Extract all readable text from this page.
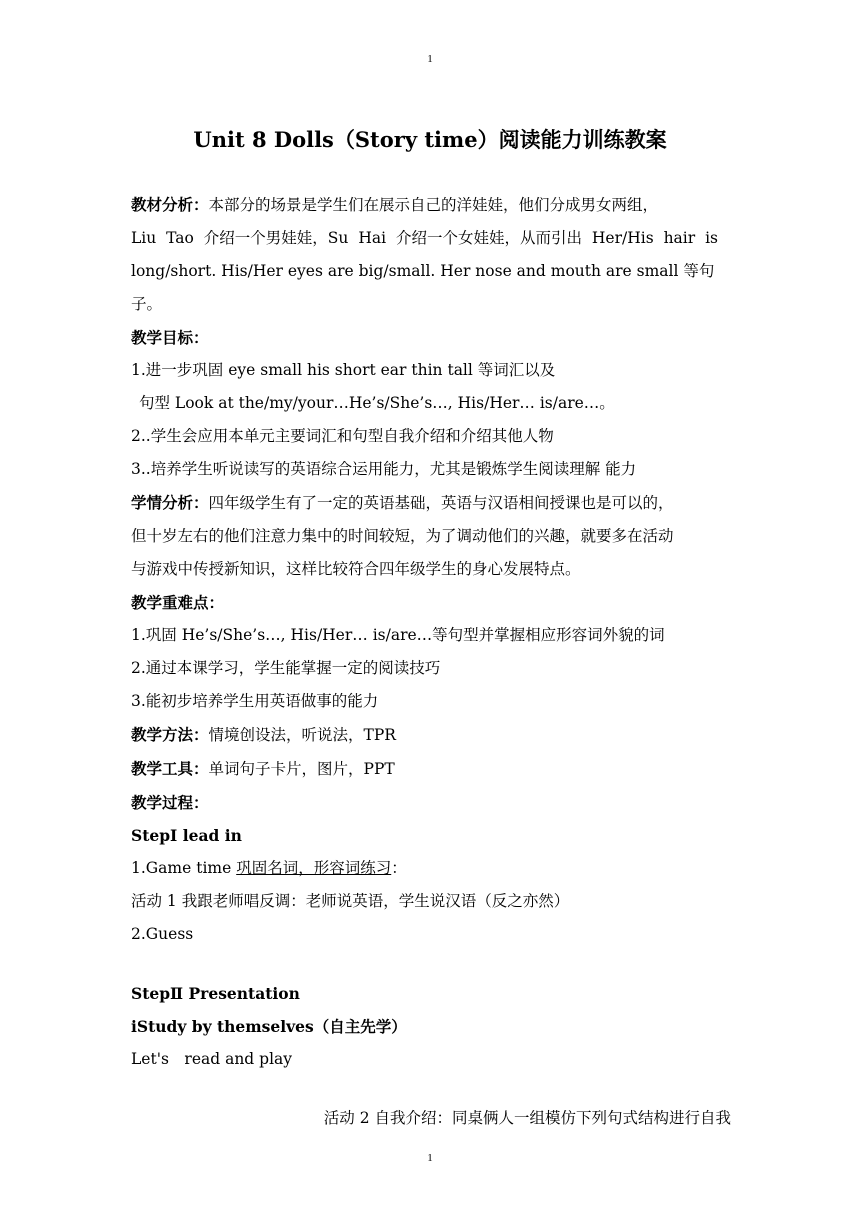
1
Unit 8 Dolls（Story time）阅读能力训练教案

教材分析：本部分的场景是学生们在展示自己的洋娃娃，他们分成男女两组，

Liu Tao 介绍一个男娃娃，Su Hai 介绍一个女娃娃，从而引出 Her/His hair is

long/short. His/Her eyes are big/small. Her nose and mouth are small 等句子。

教学目标：

1.进一步巩固 eye small his short ear thin tall 等词汇以及

句型 Look at the/my/your…He’s/She’s…, His/Her… is/are…。

2..学生会应用本单元主要词汇和句型自我介绍和介绍其他人物

3..培养学生听说读写的英语综合运用能力，尤其是锻炼学生阅读理解 能力

学情分析：四年级学生有了一定的英语基础，英语与汉语相间授课也是可以的，

但十岁左右的他们注意力集中的时间较短，为了调动他们的兴趣，就要多在活动

与游戏中传授新知识，这样比较符合四年级学生的身心发展特点。

教学重难点：

1.巩固 He’s/She’s…, His/Her… is/are…等句型并掌握相应形容词外貌的词

2.通过本课学习，学生能掌握一定的阅读技巧

3.能初步培养学生用英语做事的能力

教学方法：情境创设法，听说法，TPR

教学工具：单词句子卡片，图片，PPT

教学过程：

StepⅠ lead in

1.Game time 巩固名词，形容词练习：

活动 1 我跟老师唱反调：老师说英语，学生说汉语（反之亦然）

2.Guess

StepⅡ Presentation

ⅰStudy by themselves（自主先学）

Let's　read and play

活动 2 自我介绍：同桌俩人一组模仿下列句式结构进行自我

1
